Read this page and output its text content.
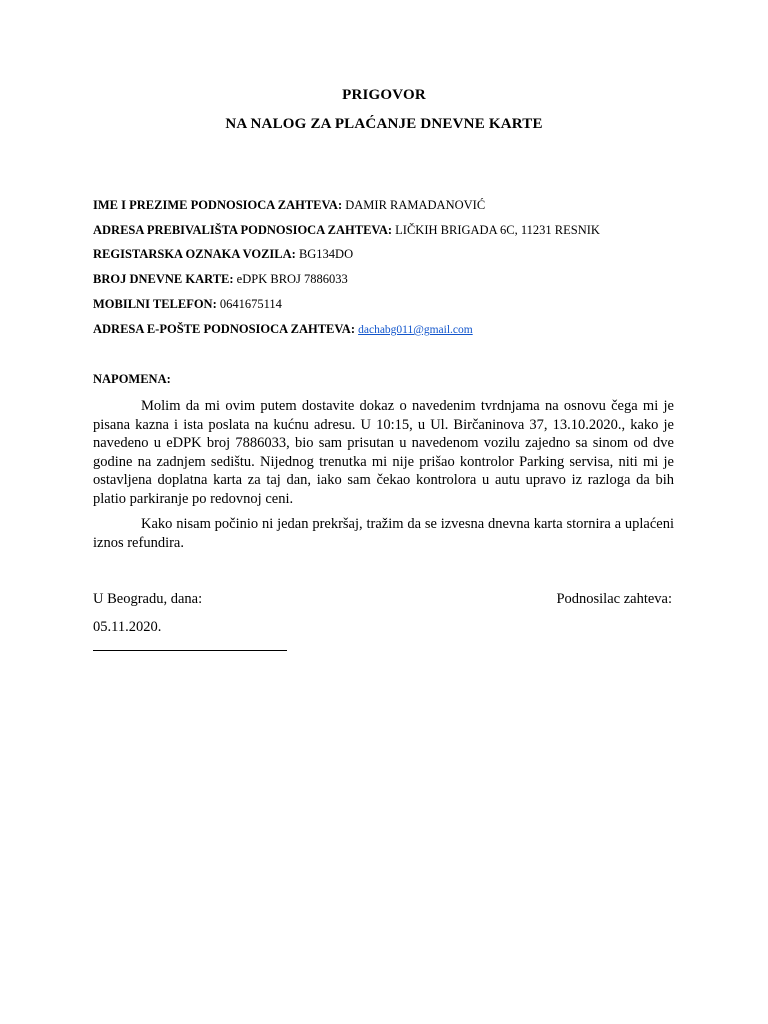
PRIGOVOR
NA NALOG ZA PLAĆANJE DNEVNE KARTE
IME I PREZIME PODNOSIOCA ZAHTEVA: DAMIR RAMADANOVIĆ
ADRESA PREBIVALIŠTA PODNOSIOCA ZAHTEVA: LIČKIH BRIGADA 6C, 11231 RESNIK
REGISTARSKA OZNAKA VOZILA: BG134DO
BROJ DNEVNE KARTE: eDPK BROJ 7886033
MOBILNI TELEFON: 0641675114
ADRESA E-POŠTE PODNOSIOCA ZAHTEVA: dachabg011@gmail.com
NAPOMENA:

Molim da mi ovim putem dostavite dokaz o navedenim tvrdnjama na osnovu čega mi je pisana kazna i ista poslata na kućnu adresu. U 10:15, u Ul. Birčaninova 37, 13.10.2020., kako je navedeno u eDPK broj 7886033, bio sam prisutan u navedenom vozilu zajedno sa sinom od dve godine na zadnjem sedištu. Nijednog trenutka mi nije prišao kontrolor Parking servisa, niti mi je ostavljena doplatna karta za taj dan, iako sam čekao kontrolora u autu upravo iz razloga da bih platio parkiranje po redovnoj ceni.

Kako nisam počinio ni jedan prekršaj, tražim da se izvesna dnevna karta stornira a uplaćeni iznos refundira.

U Beogradu, dana:	Podnosilac zahteva:
05.11.2020.
